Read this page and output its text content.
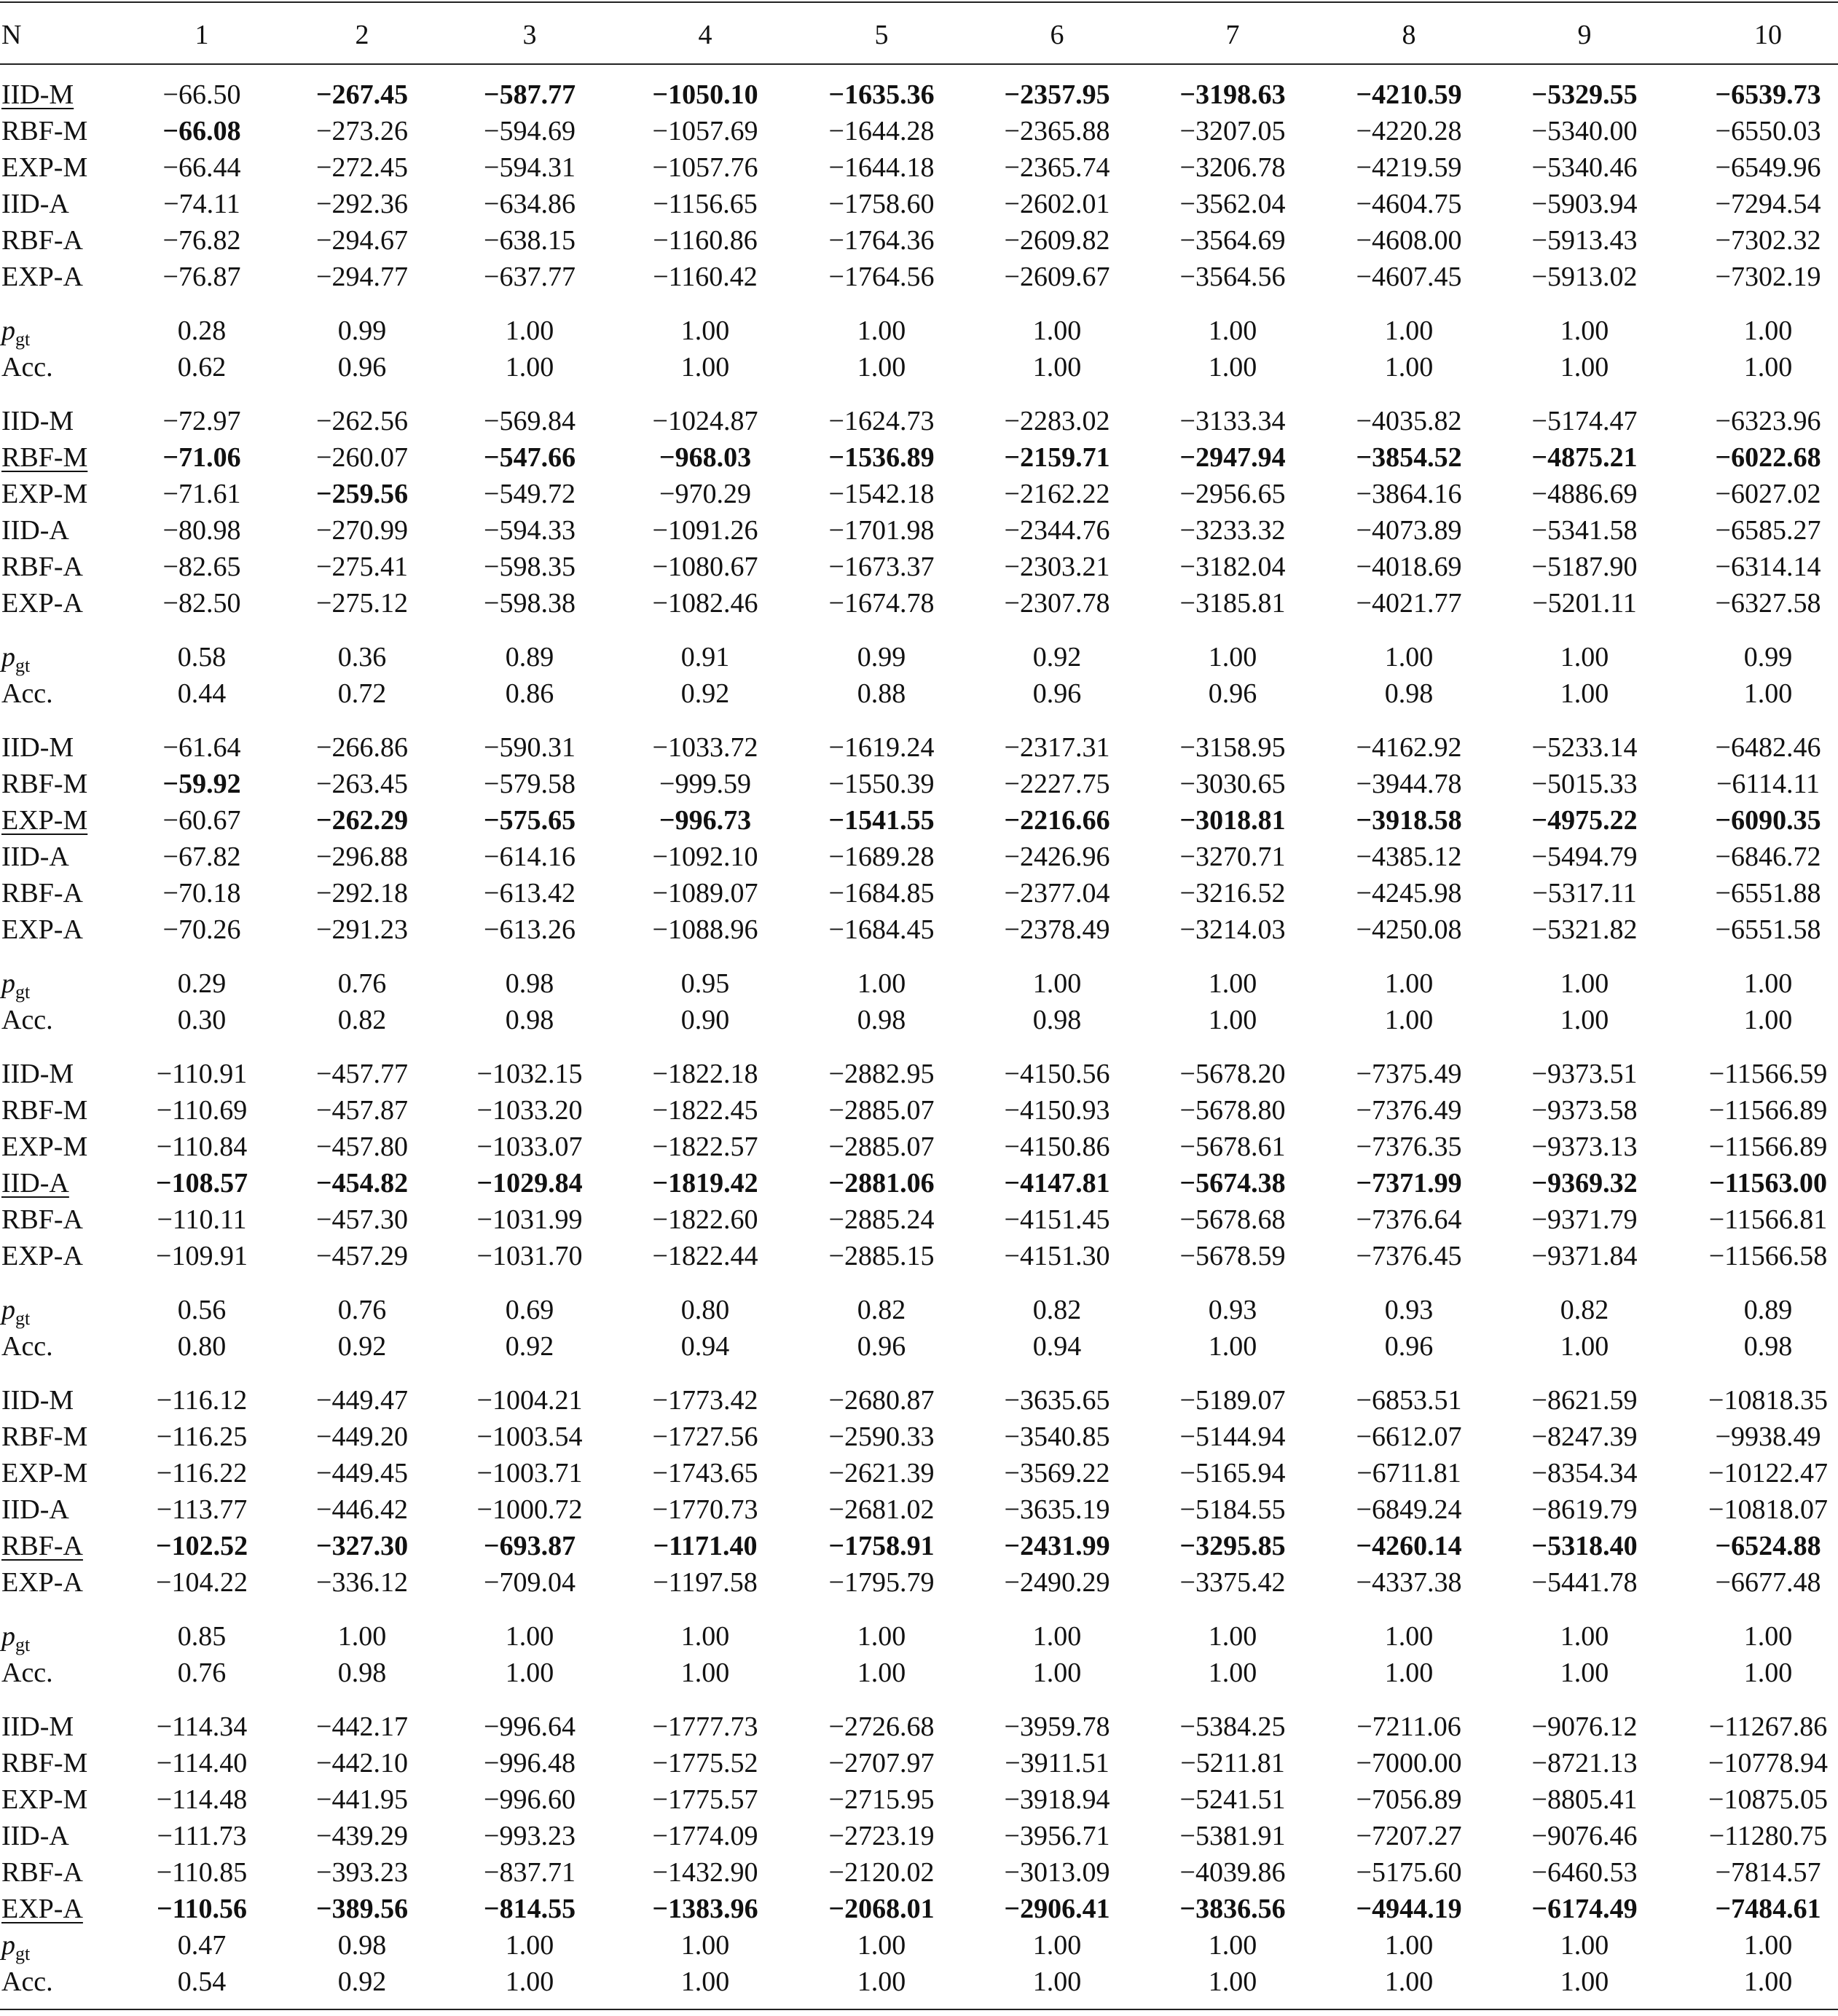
N	1	2	3	4	5	6	7	8	9	10
IID-M	−66.50	−267.45	−587.77	−1050.10	−1635.36	−2357.95	−3198.63	−4210.59	−5329.55	−6539.73
RBF-M	−66.08	−273.26	−594.69	−1057.69	−1644.28	−2365.88	−3207.05	−4220.28	−5340.00	−6550.03
EXP-M	−66.44	−272.45	−594.31	−1057.76	−1644.18	−2365.74	−3206.78	−4219.59	−5340.46	−6549.96
IID-A	−74.11	−292.36	−634.86	−1156.65	−1758.60	−2602.01	−3562.04	−4604.75	−5903.94	−7294.54
RBF-A	−76.82	−294.67	−638.15	−1160.86	−1764.36	−2609.82	−3564.69	−4608.00	−5913.43	−7302.32
EXP-A	−76.87	−294.77	−637.77	−1160.42	−1764.56	−2609.67	−3564.56	−4607.45	−5913.02	−7302.19
$p_{gt}$	0.28	0.99	1.00	1.00	1.00	1.00	1.00	1.00	1.00	1.00
Acc.	0.62	0.96	1.00	1.00	1.00	1.00	1.00	1.00	1.00	1.00
IID-M	−72.97	−262.56	−569.84	−1024.87	−1624.73	−2283.02	−3133.34	−4035.82	−5174.47	−6323.96
RBF-M	−71.06	−260.07	−547.66	−968.03	−1536.89	−2159.71	−2947.94	−3854.52	−4875.21	−6022.68
EXP-M	−71.61	−259.56	−549.72	−970.29	−1542.18	−2162.22	−2956.65	−3864.16	−4886.69	−6027.02
IID-A	−80.98	−270.99	−594.33	−1091.26	−1701.98	−2344.76	−3233.32	−4073.89	−5341.58	−6585.27
RBF-A	−82.65	−275.41	−598.35	−1080.67	−1673.37	−2303.21	−3182.04	−4018.69	−5187.90	−6314.14
EXP-A	−82.50	−275.12	−598.38	−1082.46	−1674.78	−2307.78	−3185.81	−4021.77	−5201.11	−6327.58
$p_{gt}$	0.58	0.36	0.89	0.91	0.99	0.92	1.00	1.00	1.00	0.99
Acc.	0.44	0.72	0.86	0.92	0.88	0.96	0.96	0.98	1.00	1.00
IID-M	−61.64	−266.86	−590.31	−1033.72	−1619.24	−2317.31	−3158.95	−4162.92	−5233.14	−6482.46
RBF-M	−59.92	−263.45	−579.58	−999.59	−1550.39	−2227.75	−3030.65	−3944.78	−5015.33	−6114.11
EXP-M	−60.67	−262.29	−575.65	−996.73	−1541.55	−2216.66	−3018.81	−3918.58	−4975.22	−6090.35
IID-A	−67.82	−296.88	−614.16	−1092.10	−1689.28	−2426.96	−3270.71	−4385.12	−5494.79	−6846.72
RBF-A	−70.18	−292.18	−613.42	−1089.07	−1684.85	−2377.04	−3216.52	−4245.98	−5317.11	−6551.88
EXP-A	−70.26	−291.23	−613.26	−1088.96	−1684.45	−2378.49	−3214.03	−4250.08	−5321.82	−6551.58
$p_{gt}$	0.29	0.76	0.98	0.95	1.00	1.00	1.00	1.00	1.00	1.00
Acc.	0.30	0.82	0.98	0.90	0.98	0.98	1.00	1.00	1.00	1.00
IID-M	−110.91	−457.77	−1032.15	−1822.18	−2882.95	−4150.56	−5678.20	−7375.49	−9373.51	−11566.59
RBF-M	−110.69	−457.87	−1033.20	−1822.45	−2885.07	−4150.93	−5678.80	−7376.49	−9373.58	−11566.89
EXP-M	−110.84	−457.80	−1033.07	−1822.57	−2885.07	−4150.86	−5678.61	−7376.35	−9373.13	−11566.89
IID-A	−108.57	−454.82	−1029.84	−1819.42	−2881.06	−4147.81	−5674.38	−7371.99	−9369.32	−11563.00
RBF-A	−110.11	−457.30	−1031.99	−1822.60	−2885.24	−4151.45	−5678.68	−7376.64	−9371.79	−11566.81
EXP-A	−109.91	−457.29	−1031.70	−1822.44	−2885.15	−4151.30	−5678.59	−7376.45	−9371.84	−11566.58
$p_{gt}$	0.56	0.76	0.69	0.80	0.82	0.82	0.93	0.93	0.82	0.89
Acc.	0.80	0.92	0.92	0.94	0.96	0.94	1.00	0.96	1.00	0.98
IID-M	−116.12	−449.47	−1004.21	−1773.42	−2680.87	−3635.65	−5189.07	−6853.51	−8621.59	−10818.35
RBF-M	−116.25	−449.20	−1003.54	−1727.56	−2590.33	−3540.85	−5144.94	−6612.07	−8247.39	−9938.49
EXP-M	−116.22	−449.45	−1003.71	−1743.65	−2621.39	−3569.22	−5165.94	−6711.81	−8354.34	−10122.47
IID-A	−113.77	−446.42	−1000.72	−1770.73	−2681.02	−3635.19	−5184.55	−6849.24	−8619.79	−10818.07
RBF-A	−102.52	−327.30	−693.87	−1171.40	−1758.91	−2431.99	−3295.85	−4260.14	−5318.40	−6524.88
EXP-A	−104.22	−336.12	−709.04	−1197.58	−1795.79	−2490.29	−3375.42	−4337.38	−5441.78	−6677.48
$p_{gt}$	0.85	1.00	1.00	1.00	1.00	1.00	1.00	1.00	1.00	1.00
Acc.	0.76	0.98	1.00	1.00	1.00	1.00	1.00	1.00	1.00	1.00
IID-M	−114.34	−442.17	−996.64	−1777.73	−2726.68	−3959.78	−5384.25	−7211.06	−9076.12	−11267.86
RBF-M	−114.40	−442.10	−996.48	−1775.52	−2707.97	−3911.51	−5211.81	−7000.00	−8721.13	−10778.94
EXP-M	−114.48	−441.95	−996.60	−1775.57	−2715.95	−3918.94	−5241.51	−7056.89	−8805.41	−10875.05
IID-A	−111.73	−439.29	−993.23	−1774.09	−2723.19	−3956.71	−5381.91	−7207.27	−9076.46	−11280.75
RBF-A	−110.85	−393.23	−837.71	−1432.90	−2120.02	−3013.09	−4039.86	−5175.60	−6460.53	−7814.57
EXP-A	−110.56	−389.56	−814.55	−1383.96	−2068.01	−2906.41	−3836.56	−4944.19	−6174.49	−7484.61
$p_{gt}$	0.47	0.98	1.00	1.00	1.00	1.00	1.00	1.00	1.00	1.00
Acc.	0.54	0.92	1.00	1.00	1.00	1.00	1.00	1.00	1.00	1.00
